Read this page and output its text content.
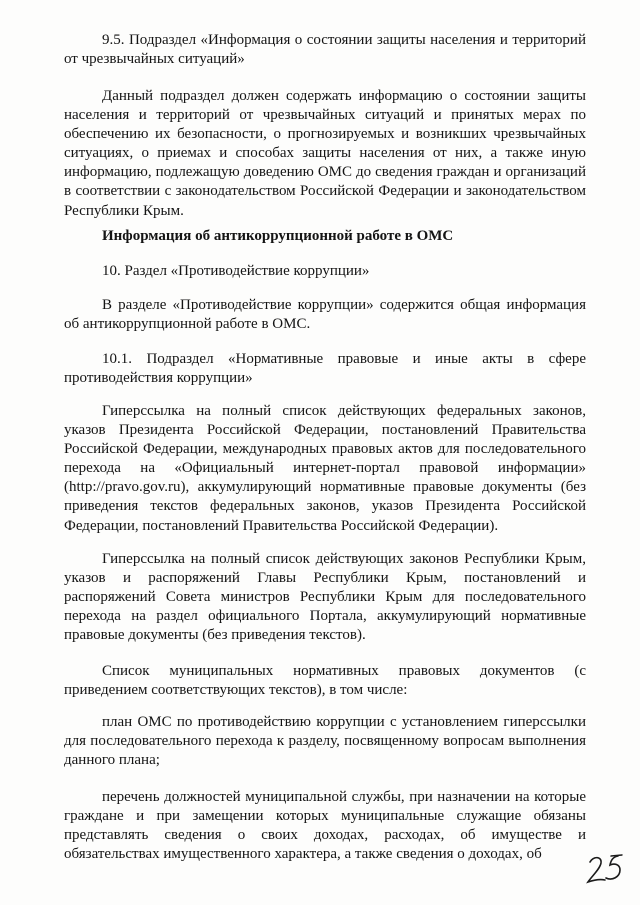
9.5. Подраздел «Информация о состоянии защиты населения и территорий от чрезвычайных ситуаций»

Данный подраздел должен содержать информацию о состоянии защиты населения и территорий от чрезвычайных ситуаций и принятых мерах по обеспечению их безопасности, о прогнозируемых и возникших чрезвычайных ситуациях, о приемах и способах защиты населения от них, а также иную информацию, подлежащую доведению ОМС до сведения граждан и организаций в соответствии с законодательством Российской Федерации и законодательством Республики Крым.

Информация об антикоррупционной работе в ОМС

10. Раздел «Противодействие коррупции»

В разделе «Противодействие коррупции» содержится общая информация об антикоррупционной работе в ОМС.

10.1. Подраздел «Нормативные правовые и иные акты в сфере противодействия коррупции»

Гиперссылка на полный список действующих федеральных законов, указов Президента Российской Федерации, постановлений Правительства Российской Федерации, международных правовых актов для последовательного перехода на «Официальный интернет-портал правовой информации» (http://pravo.gov.ru), аккумулирующий нормативные правовые документы (без приведения текстов федеральных законов, указов Президента Российской Федерации, постановлений Правительства Российской Федерации).

Гиперссылка на полный список действующих законов Республики Крым, указов и распоряжений Главы Республики Крым, постановлений и распоряжений Совета министров Республики Крым для последовательного перехода на раздел официального Портала, аккумулирующий нормативные правовые документы (без приведения текстов).

Список муниципальных нормативных правовых документов (с приведением соответствующих текстов), в том числе:

план ОМС по противодействию коррупции с установлением гиперссылки для последовательного перехода к разделу, посвященному вопросам выполнения данного плана;

перечень должностей муниципальной службы, при назначении на которые граждане и при замещении которых муниципальные служащие обязаны представлять сведения о своих доходах, расходах, об имуществе и обязательствах имущественного характера, а также сведения о доходах, об
